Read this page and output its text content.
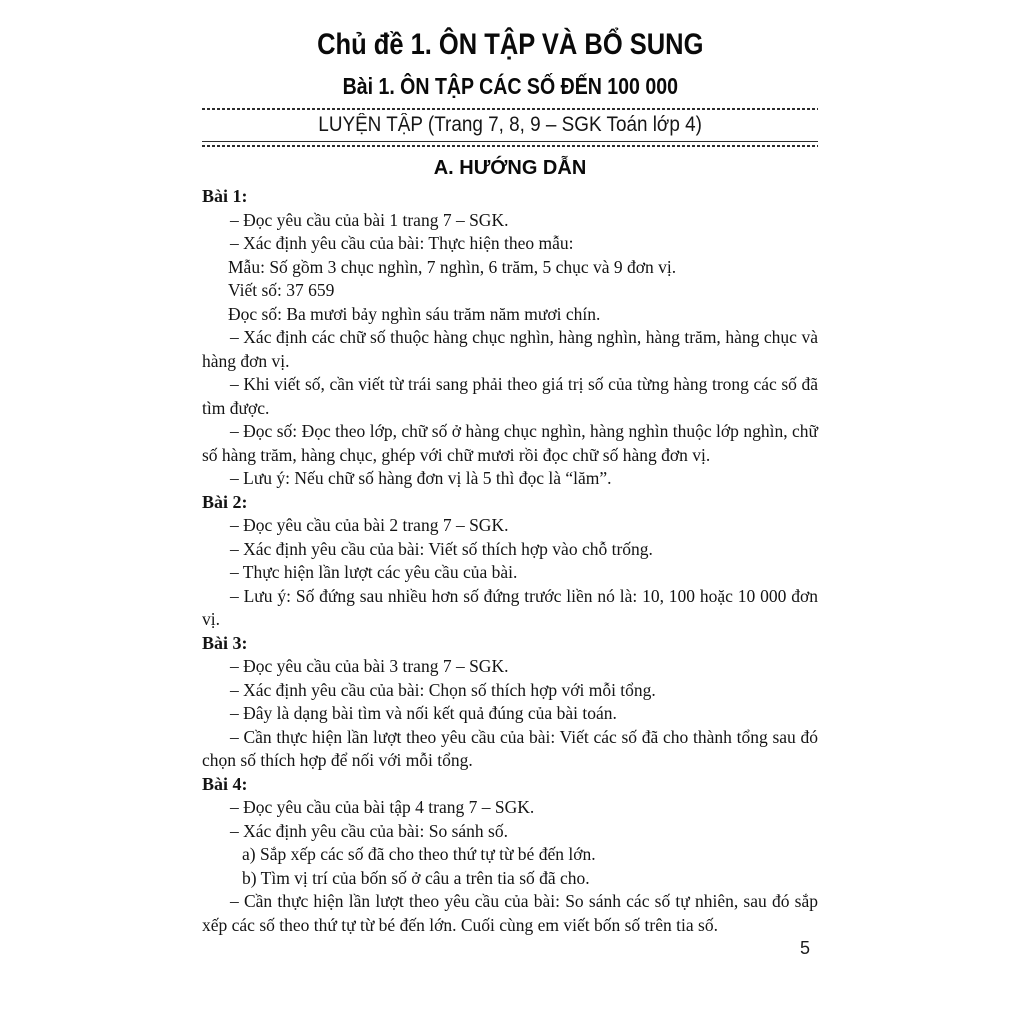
Chủ đề 1. ÔN TẬP VÀ BỔ SUNG
Bài 1. ÔN TẬP CÁC SỐ ĐẾN 100 000
LUYỆN TẬP (Trang 7, 8, 9 – SGK Toán lớp 4)
A. HƯỚNG DẪN

Bài 1:

– Đọc yêu cầu của bài 1 trang 7 – SGK.

– Xác định yêu cầu của bài: Thực hiện theo mẫu:

Mẫu: Số gồm 3 chục nghìn, 7 nghìn, 6 trăm, 5 chục và 9 đơn vị.

Viết số: 37 659

Đọc số: Ba mươi bảy nghìn sáu trăm năm mươi chín.

– Xác định các chữ số thuộc hàng chục nghìn, hàng nghìn, hàng trăm, hàng chục và hàng đơn vị.

– Khi viết số, cần viết từ trái sang phải theo giá trị số của từng hàng trong các số đã tìm được.

– Đọc số: Đọc theo lớp, chữ số ở hàng chục nghìn, hàng nghìn thuộc lớp nghìn, chữ số hàng trăm, hàng chục, ghép với chữ mươi rồi đọc chữ số hàng đơn vị.

– Lưu ý: Nếu chữ số hàng đơn vị là 5 thì đọc là “lăm”.

Bài 2:

– Đọc yêu cầu của bài 2 trang 7 – SGK.

– Xác định yêu cầu của bài: Viết số thích hợp vào chỗ trống.

– Thực hiện lần lượt các yêu cầu của bài.

– Lưu ý: Số đứng sau nhiều hơn số đứng trước liền nó là: 10, 100 hoặc 10 000 đơn vị.

Bài 3:

– Đọc yêu cầu của bài 3 trang 7 – SGK.

– Xác định yêu cầu của bài: Chọn số thích hợp với mỗi tổng.

– Đây là dạng bài tìm và nối kết quả đúng của bài toán.

– Cần thực hiện lần lượt theo yêu cầu của bài: Viết các số đã cho thành tổng sau đó chọn số thích hợp để nối với mỗi tổng.

Bài 4:

– Đọc yêu cầu của bài tập 4 trang 7 – SGK.

– Xác định yêu cầu của bài: So sánh số.

a) Sắp xếp các số đã cho theo thứ tự từ bé đến lớn.

b) Tìm vị trí của bốn số ở câu a trên tia số đã cho.

– Cần thực hiện lần lượt theo yêu cầu của bài: So sánh các số tự nhiên, sau đó sắp xếp các số theo thứ tự từ bé đến lớn. Cuối cùng em viết bốn số trên tia số.

5
